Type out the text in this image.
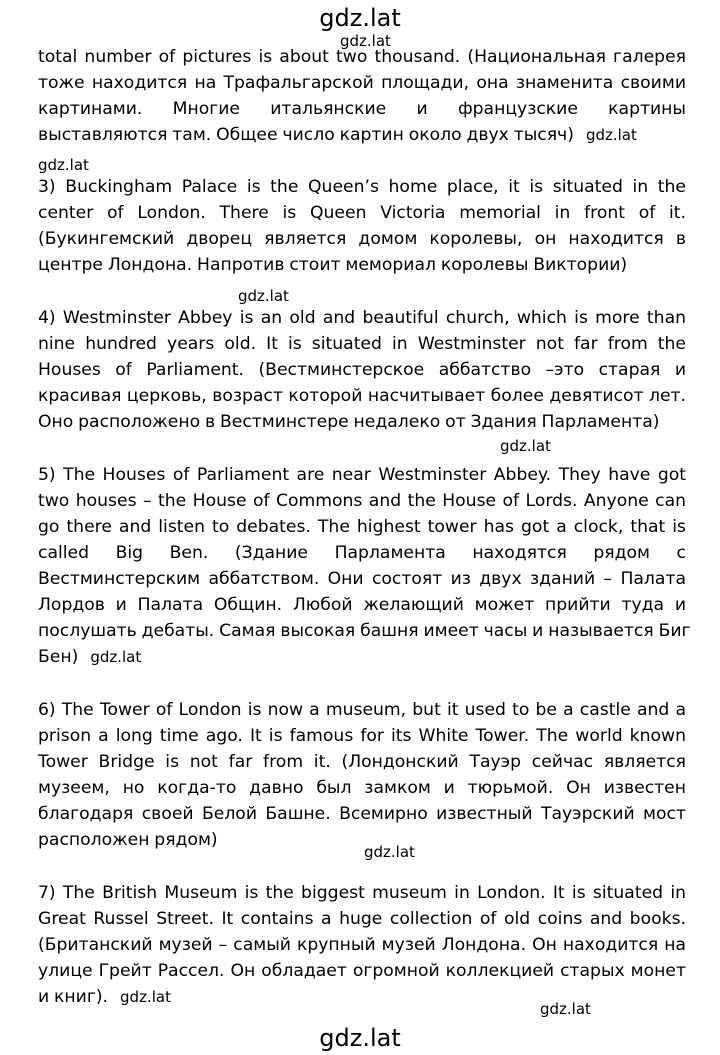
gdz.lat
gdz.lat
gdz.lat
gdz.lat
gdz.lat
gdz.lat
gdz.lat
total number of pictures is about two thousand. (Национальная галерея
тоже находится на Трафальгарской площади, она знаменита своими
картинами. Многие итальянские и французские картины
выставляются там. Общее число картин около двух тысяч) gdz.lat
3) Buckingham Palace is the Queen’s home place, it is situated in the
center of London. There is Queen Victoria memorial in front of it.
(Букингемский дворец является домом королевы, он находится в
центре Лондона. Напротив стоит мемориал королевы Виктории)
4) Westminster Abbey is an old and beautiful church, which is more than
nine hundred years old. It is situated in Westminster not far from the
Houses of Parliament. (Вестминстерское аббатство –это старая и
красивая церковь, возраст которой насчитывает более девятисот лет.
Оно расположено в Вестминстере недалеко от Здания Парламента)
5) The Houses of Parliament are near Westminster Abbey. They have got
two houses – the House of Commons and the House of Lords. Anyone can
go there and listen to debates. The highest tower has got a clock, that is
called Big Ben. (Здание Парламента находятся рядом с
Вестминстерским аббатством. Они состоят из двух зданий – Палата
Лордов и Палата Общин. Любой желающий может прийти туда и
послушать дебаты. Самая высокая башня имеет часы и называется Биг
Бен) gdz.lat
6) The Tower of London is now a museum, but it used to be a castle and a
prison a long time ago. It is famous for its White Tower. The world known
Tower Bridge is not far from it. (Лондонский Тауэр сейчас является
музеем, но когда-то давно был замком и тюрьмой. Он известен
благодаря своей Белой Башне. Всемирно известный Тауэрский мост
расположен рядом)
7) The British Museum is the biggest museum in London. It is situated in
Great Russel Street. It contains a huge collection of old coins and books.
(Британский музей – самый крупный музей Лондона. Он находится на
улице Грейт Рассел. Он обладает огромной коллекцией старых монет
и книг). gdz.lat
gdz.lat
